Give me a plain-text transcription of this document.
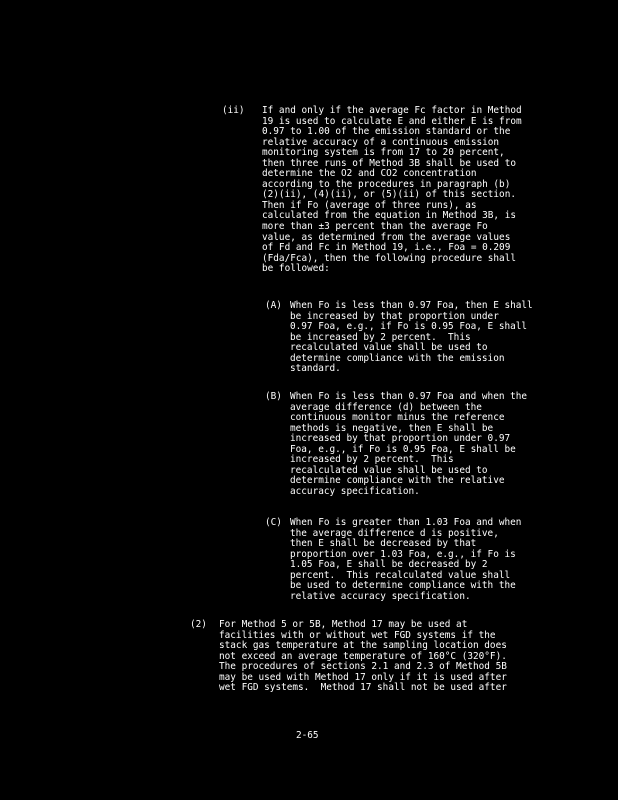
(ii) If and only if the average Fc factor in Method
19 is used to calculate E and either E is from
0.97 to 1.00 of the emission standard or the
relative accuracy of a continuous emission
monitoring system is from 17 to 20 percent,
then three runs of Method 3B shall be used to
determine the O2 and CO2 concentration
according to the procedures in paragraph (b)
(2)(ii), (4)(ii), or (5)(ii) of this section.
Then if Fo (average of three runs), as
calculated from the equation in Method 3B, is
more than ±3 percent than the average Fo
value, as determined from the average values
of Fd and Fc in Method 19, i.e., Foa = 0.209
(Fda/Fca), then the following procedure shall
be followed:
(A) When Fo is less than 0.97 Foa, then E shall
be increased by that proportion under
0.97 Foa, e.g., if Fo is 0.95 Foa, E shall
be increased by 2 percent.  This
recalculated value shall be used to
determine compliance with the emission
standard.
(B) When Fo is less than 0.97 Foa and when the
average difference (d) between the
continuous monitor minus the reference
methods is negative, then E shall be
increased by that proportion under 0.97
Foa, e.g., if Fo is 0.95 Foa, E shall be
increased by 2 percent.  This
recalculated value shall be used to
determine compliance with the relative
accuracy specification.
(C) When Fo is greater than 1.03 Foa and when
the average difference d is positive,
then E shall be decreased by that
proportion over 1.03 Foa, e.g., if Fo is
1.05 Foa, E shall be decreased by 2
percent.  This recalculated value shall
be used to determine compliance with the
relative accuracy specification.
(2) For Method 5 or 5B, Method 17 may be used at
facilities with or without wet FGD systems if the
stack gas temperature at the sampling location does
not exceed an average temperature of 160°C (320°F).
The procedures of sections 2.1 and 2.3 of Method 5B
may be used with Method 17 only if it is used after
wet FGD systems.  Method 17 shall not be used after
2-65
